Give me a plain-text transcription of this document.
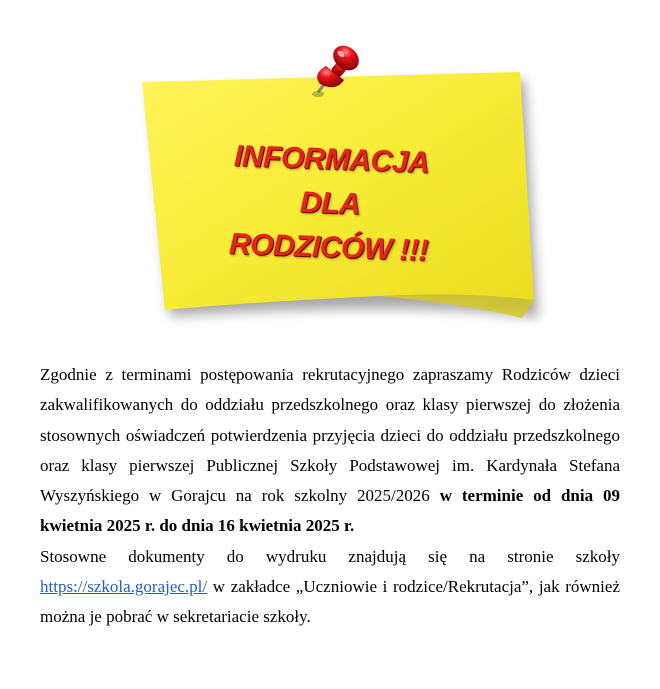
INFORMACJA
DLA
RODZICÓW !!!

Zgodnie z terminami postępowania rekrutacyjnego zapraszamy Rodziców dzieci zakwalifikowanych do oddziału przedszkolnego oraz klasy pierwszej do złożenia stosownych oświadczeń potwierdzenia przyjęcia dzieci do oddziału przedszkolnego oraz klasy pierwszej Publicznej Szkoły Podstawowej im. Kardynała Stefana Wyszyńskiego w Gorajcu na rok szkolny 2025/2026 w terminie od dnia 09 kwietnia 2025 r. do dnia 16 kwietnia 2025 r.

Stosowne dokumenty do wydruku znajdują się na stronie szkoły https://szkola.gorajec.pl/ w zakładce „Uczniowie i rodzice/Rekrutacja”, jak również można je pobrać w sekretariacie szkoły.
